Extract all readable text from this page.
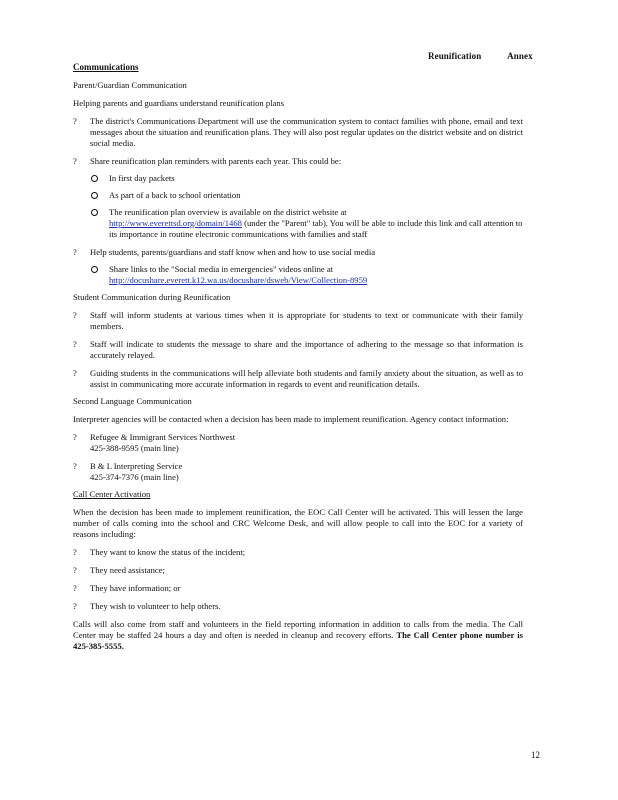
Reunification	Annex
Communications
Parent/Guardian Communication

Helping parents and guardians understand reunification plans

? The district's Communications Department will use the communication system to contact families with phone, email and text messages about the situation and reunification plans. They will also post regular updates on the district website and on district social media.
? Share reunification plan reminders with parents each year. This could be:
In first day packets
As part of a back to school orientation
The reunification plan overview is available on the district website at
http://www.everettsd.org/domain/1468 (under the "Parent" tab). You will be able to include this link and call attention to its importance in routine electronic communications with families and staff
? Help students, parents/guardians and staff know when and how to use social media
Share links to the "Social media in emergencies" videos online at
http://docushare.everett.k12.wa.us/docushare/dsweb/View/Collection-8959
Student Communication during Reunification
? Staff will inform students at various times when it is appropriate for students to text or communicate with their family members.
? Staff will indicate to students the message to share and the importance of adhering to the message so that information is accurately relayed.
? Guiding students in the communications will help alleviate both students and family anxiety about the situation, as well as to assist in communicating more accurate information in regards to event and reunification details.
Second Language Communication

Interpreter agencies will be contacted when a decision has been made to implement reunification. Agency contact information:

? Refugee & Immigrant Services Northwest
425-388-9595 (main line)
? B & L Interpreting Service
425-374-7376 (main line)
Call Center Activation

When the decision has been made to implement reunification, the EOC Call Center will be activated. This will lessen the large number of calls coming into the school and CRC Welcome Desk, and will allow people to call into the EOC for a variety of reasons including:

? They want to know the status of the incident;
? They need assistance;
? They have information; or
? They wish to volunteer to help others.

Calls will also come from staff and volunteers in the field reporting information in addition to calls from the media. The Call Center may be staffed 24 hours a day and often is needed in cleanup and recovery efforts. The Call Center phone number is 425-385-5555.

12
